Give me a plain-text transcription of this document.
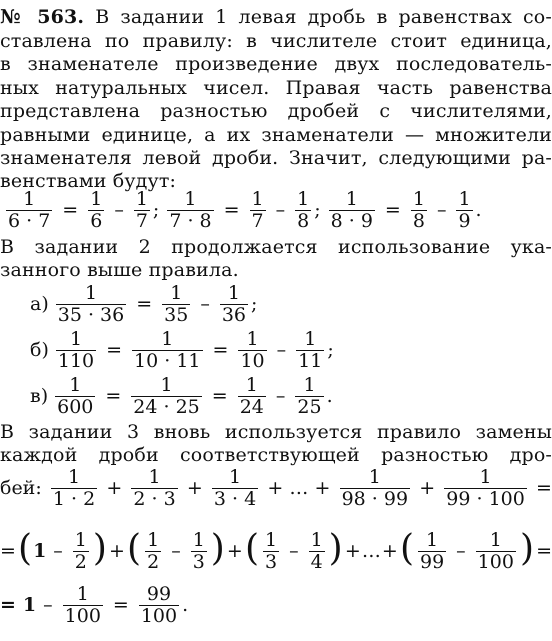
№ 563. В задании 1 левая дробь в равенствах со-
ставлена по правилу: в числителе стоит единица,
в знаменателе произведение двух последователь-
ных натуральных чисел. Правая часть равенства
представлена разностью дробей с числителями,
равными единице, а их знаменатели — множители
знаменателя левой дроби. Значит, следующими ра-
венствами будут:
$\frac{1}{6 \cdot 7} = \frac{1}{6} - \frac{1}{7}$ ; $\frac{1}{7 \cdot 8} = \frac{1}{7} - \frac{1}{8}$ ; $\frac{1}{8 \cdot 9} = \frac{1}{8} - \frac{1}{9}$ .
В задании 2 продолжается использование ука-
занного выше правила.
$а) \frac{1}{35 \cdot 36} = \frac{1}{35} - \frac{1}{36}$ ;
$б) \frac{1}{110} = \frac{1}{10 \cdot 11} = \frac{1}{10} - \frac{1}{11}$ ;
$в) \frac{1}{600} = \frac{1}{24 \cdot 25} = \frac{1}{24} - \frac{1}{25}$ .
В задании 3 вновь используется правило замены
каждой дроби соответствующей разностью дро-
бей: $\frac{1}{1 \cdot 2} + \frac{1}{2 \cdot 3} + \frac{1}{3 \cdot 4}$ + … + $\frac{1}{98 \cdot 99} + \frac{1}{99 \cdot 100}$ =
= ( $1 - \frac{1}{2}$ ) + ( $\frac{1}{2} - \frac{1}{3}$ ) + ( $\frac{1}{3} - \frac{1}{4}$ ) + … + ( $\frac{1}{99} - \frac{1}{100}$ ) =
= $1 - \frac{1}{100} = \frac{99}{100}$ .
